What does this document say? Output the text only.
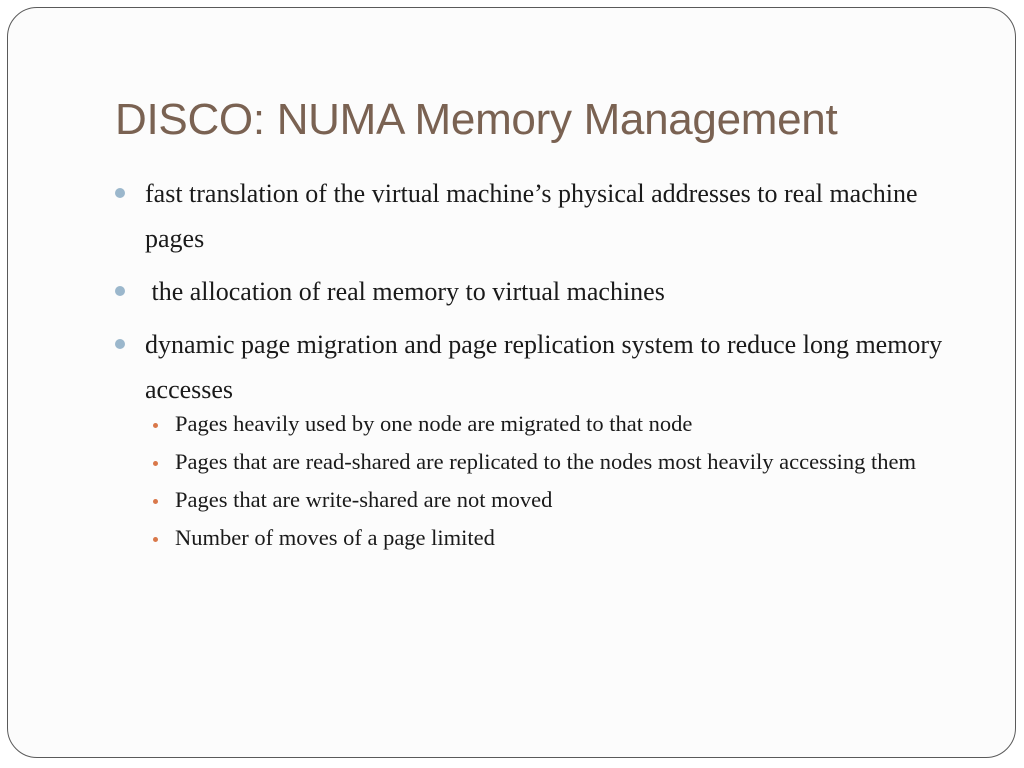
DISCO: NUMA Memory Management
fast translation of the virtual machine’s physical addresses to real machine pages
the allocation of real memory to virtual machines
dynamic page migration and page replication system to reduce long memory accesses
Pages heavily used by one node are migrated to that node
Pages that are read-shared are replicated to the nodes most heavily accessing them
Pages that are write-shared are not moved
Number of moves of a page limited
